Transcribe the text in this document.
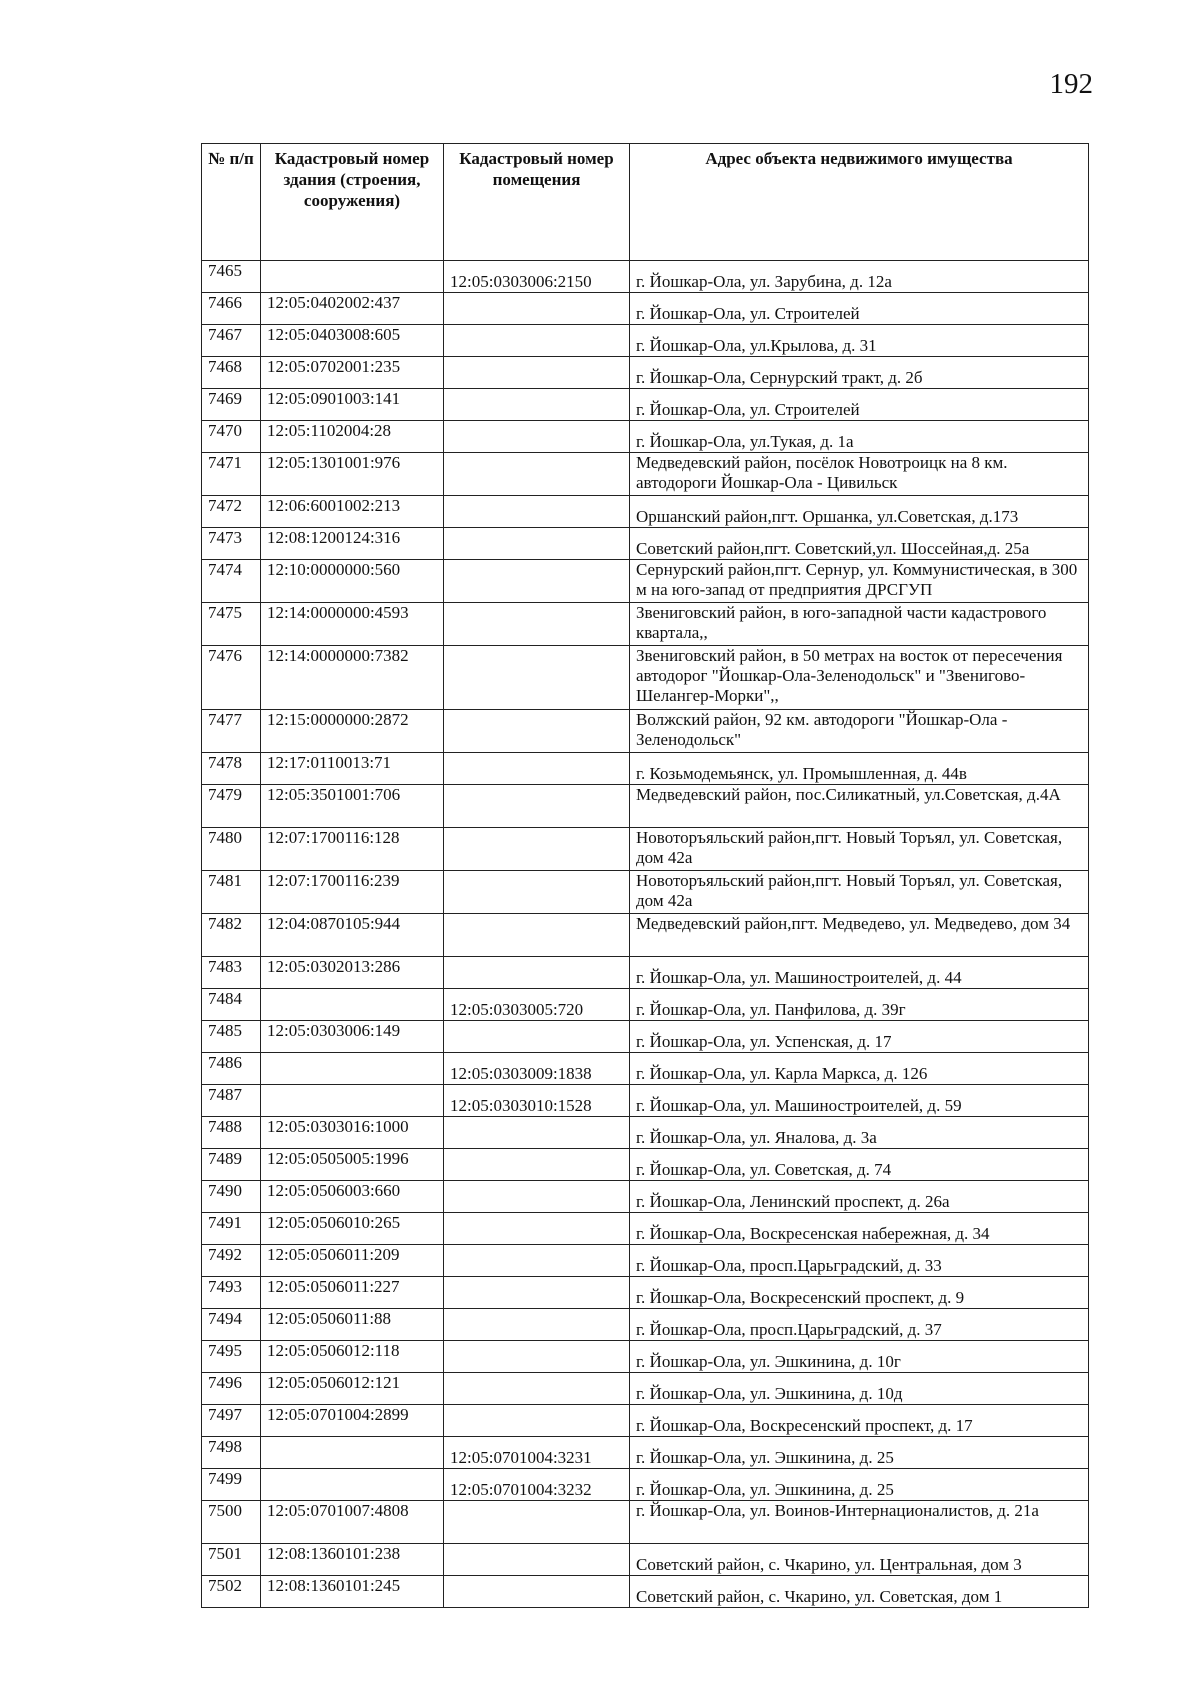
192
№ п/п	Кадастровый номер здания (строения, сооружения)	Кадастровый номер помещения	Адрес объекта недвижимого имущества
7465		12:05:0303006:2150	г. Йошкар-Ола, ул. Зарубина, д. 12а

7466	12:05:0402002:437		г. Йошкар-Ола, ул. Строителей

7467	12:05:0403008:605		г. Йошкар-Ола, ул.Крылова, д. 31

7468	12:05:0702001:235		г. Йошкар-Ола, Сернурский тракт, д. 2б

7469	12:05:0901003:141		г. Йошкар-Ола, ул. Строителей

7470	12:05:1102004:28		г. Йошкар-Ола, ул.Тукая, д. 1а

7471	12:05:1301001:976		Медведевский район, посёлок Новотроицк на 8 км. автодороги Йошкар-Ола - Цивильск
7472	12:06:6001002:213		Оршанский район,пгт. Оршанка, ул.Советская, д.173

7473	12:08:1200124:316		Советский район,пгт. Советский,ул. Шоссейная,д. 25а

7474	12:10:0000000:560		Сернурский район,пгт. Сернур, ул. Коммунистическая, в 300 м на юго-запад от предприятия ДРСГУП
7475	12:14:0000000:4593		Звениговский район, в юго-западной части кадастрового квартала,,
7476	12:14:0000000:7382		Звениговский район, в 50 метрах на восток от пересечения автодорог "Йошкар-Ола-Зеленодольск" и "Звенигово-Шелангер-Морки",,
7477	12:15:0000000:2872		Волжский район, 92 км. автодороги "Йошкар-Ола - Зеленодольск"
7478	12:17:0110013:71		г. Козьмодемьянск, ул. Промышленная, д. 44в

7479	12:05:3501001:706		Медведевский район, пос.Силикатный, ул.Советская, д.4А
7480	12:07:1700116:128		Новоторъяльский район,пгт. Новый Торъял, ул. Советская, дом 42а
7481	12:07:1700116:239		Новоторъяльский район,пгт. Новый Торъял, ул. Советская, дом 42а
7482	12:04:0870105:944		Медведевский район,пгт. Медведево, ул. Медведево, дом 34
7483	12:05:0302013:286		г. Йошкар-Ола, ул. Машиностроителей, д. 44

7484		12:05:0303005:720	г. Йошкар-Ола, ул. Панфилова, д. 39г

7485	12:05:0303006:149		г. Йошкар-Ола, ул. Успенская, д. 17

7486		12:05:0303009:1838	г. Йошкар-Ола, ул. Карла Маркса, д. 126

7487		12:05:0303010:1528	г. Йошкар-Ола, ул. Машиностроителей, д. 59

7488	12:05:0303016:1000		г. Йошкар-Ола, ул. Яналова, д. 3а

7489	12:05:0505005:1996		г. Йошкар-Ола, ул. Советская, д. 74

7490	12:05:0506003:660		г. Йошкар-Ола, Ленинский проспект, д. 26а

7491	12:05:0506010:265		г. Йошкар-Ола, Воскресенская набережная, д. 34

7492	12:05:0506011:209		г. Йошкар-Ола, просп.Царьградский, д. 33

7493	12:05:0506011:227		г. Йошкар-Ола, Воскресенский проспект, д. 9

7494	12:05:0506011:88		г. Йошкар-Ола, просп.Царьградский, д. 37

7495	12:05:0506012:118		г. Йошкар-Ола, ул. Эшкинина, д. 10г

7496	12:05:0506012:121		г. Йошкар-Ола, ул. Эшкинина, д. 10д

7497	12:05:0701004:2899		г. Йошкар-Ола, Воскресенский проспект, д. 17

7498		12:05:0701004:3231	г. Йошкар-Ола, ул. Эшкинина, д. 25

7499		12:05:0701004:3232	г. Йошкар-Ола, ул. Эшкинина, д. 25

7500	12:05:0701007:4808		г. Йошкар-Ола, ул. Воинов-Интернационалистов, д. 21а
7501	12:08:1360101:238		Советский район, с. Чкарино, ул. Центральная, дом 3

7502	12:08:1360101:245		Советский район, с. Чкарино, ул. Советская, дом 1
